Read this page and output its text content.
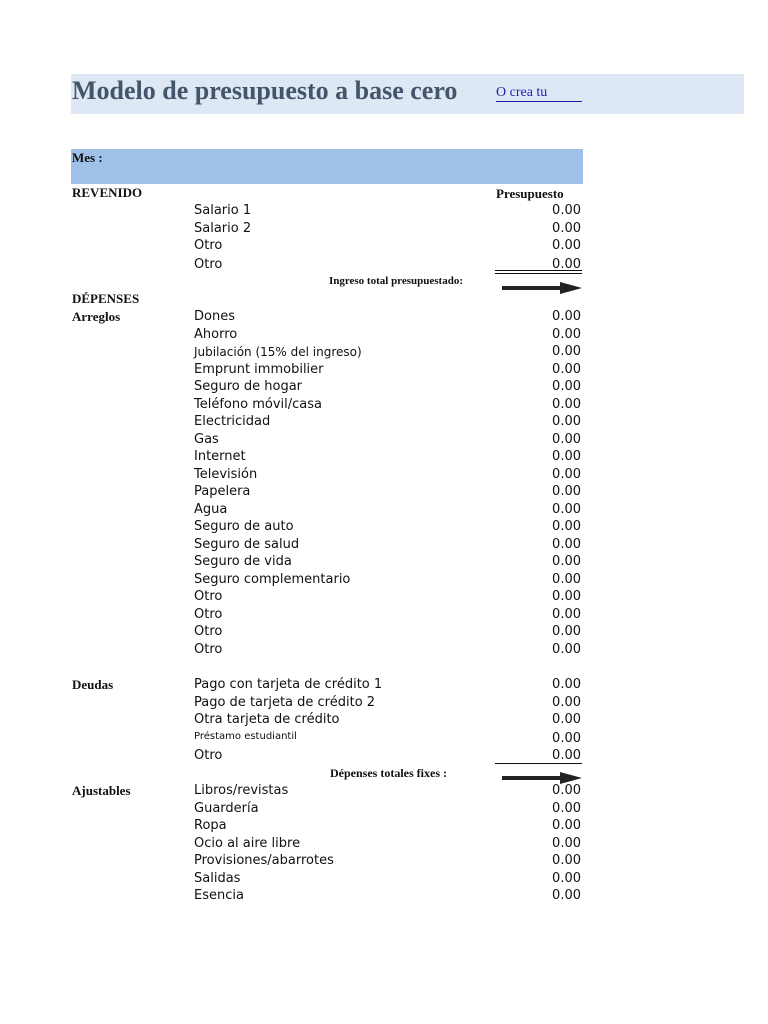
Modelo de presupuesto a base cero	O crea tu
Mes :
REVENIDO	Presupuesto
Salario 1	0.00
Salario 2	0.00
Otro	0.00
Otro	0.00
Ingreso total presupuestado:
DÉPENSES
Arreglos	Dones	0.00
Ahorro	0.00
Jubilación (15% del ingreso)	0.00
Emprunt immobilier	0.00
Seguro de hogar	0.00
Teléfono móvil/casa	0.00
Electricidad	0.00
Gas	0.00
Internet	0.00
Televisión	0.00
Papelera	0.00
Agua	0.00
Seguro de auto	0.00
Seguro de salud	0.00
Seguro de vida	0.00
Seguro complementario	0.00
Otro	0.00
Otro	0.00
Otro	0.00
Otro	0.00
Deudas	Pago con tarjeta de crédito 1	0.00
Pago de tarjeta de crédito 2	0.00
Otra tarjeta de crédito	0.00
Préstamo estudiantil	0.00
Otro	0.00
Dépenses totales fixes :
Ajustables	Libros/revistas	0.00
Guardería	0.00
Ropa	0.00
Ocio al aire libre	0.00
Provisiones/abarrotes	0.00
Salidas	0.00
Esencia	0.00
